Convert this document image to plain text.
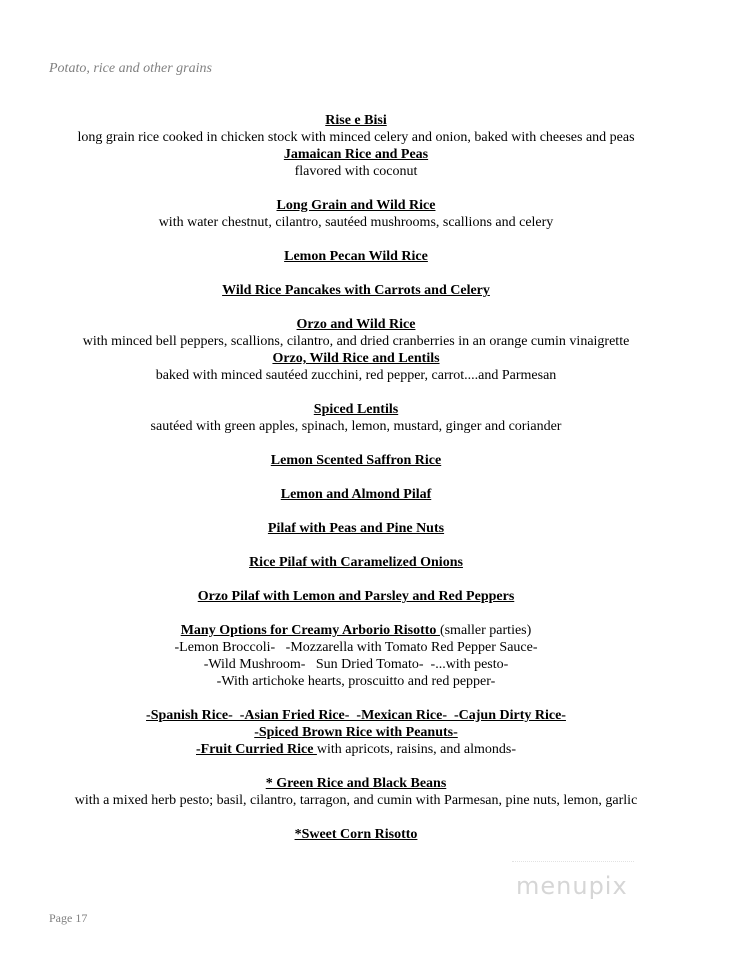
Potato, rice and other grains
Rise e Bisi
long grain rice cooked in chicken stock with minced celery and onion, baked with cheeses and peas
Jamaican Rice and Peas
flavored with coconut
Long Grain and Wild Rice
with water chestnut, cilantro, sautéed mushrooms, scallions and celery
Lemon Pecan Wild Rice
Wild Rice Pancakes with Carrots and Celery
Orzo and Wild Rice
with minced bell peppers, scallions, cilantro, and dried cranberries in an orange cumin vinaigrette
Orzo, Wild Rice and Lentils
baked with minced sautéed zucchini, red pepper, carrot....and Parmesan
Spiced Lentils
sautéed with green apples, spinach, lemon, mustard, ginger and coriander
Lemon Scented Saffron Rice
Lemon and Almond Pilaf
Pilaf with Peas and Pine Nuts
Rice Pilaf with Caramelized Onions
Orzo Pilaf with Lemon and Parsley and Red Peppers
Many Options for Creamy Arborio Risotto (smaller parties)
-Lemon Broccoli-   -Mozzarella with Tomato Red Pepper Sauce-
-Wild Mushroom-   Sun Dried Tomato-  -...with pesto-
-With artichoke hearts, proscuitto and red pepper-
-Spanish Rice-  -Asian Fried Rice-  -Mexican Rice-  -Cajun Dirty Rice-
-Spiced Brown Rice with Peanuts-
-Fruit Curried Rice with apricots, raisins, and almonds-
* Green Rice and Black Beans
with a mixed herb pesto; basil, cilantro, tarragon, and cumin with Parmesan, pine nuts, lemon, garlic
*Sweet Corn Risotto
menupix
Page 17
